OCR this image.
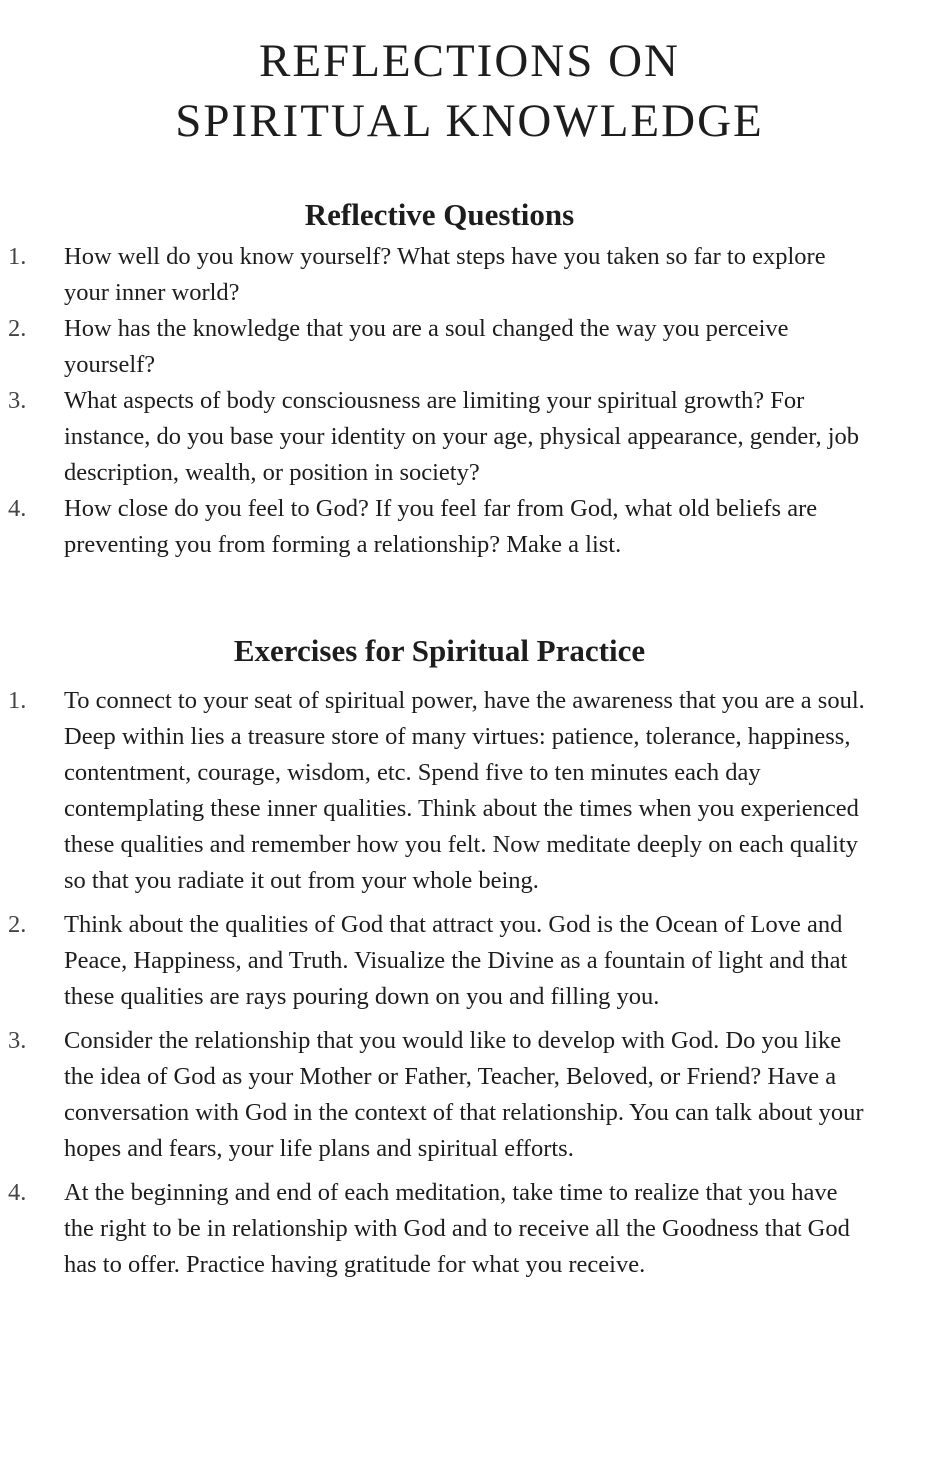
REFLECTIONS ON
SPIRITUAL KNOWLEDGE
Reflective Questions
1. How well do you know yourself? What steps have you taken so far to explore your inner world?
2. How has the knowledge that you are a soul changed the way you perceive yourself?
3. What aspects of body consciousness are limiting your spiritual growth? For instance, do you base your identity on your age, physical appearance, gender, job description, wealth, or position in society?
4. How close do you feel to God? If you feel far from God, what old beliefs are preventing you from forming a relationship? Make a list.
Exercises for Spiritual Practice
1. To connect to your seat of spiritual power, have the awareness that you are a soul. Deep within lies a treasure store of many virtues: patience, tolerance, happiness, contentment, courage, wisdom, etc. Spend five to ten minutes each day contemplating these inner qualities. Think about the times when you experienced these qualities and remember how you felt. Now meditate deeply on each quality so that you radiate it out from your whole being.
2. Think about the qualities of God that attract you. God is the Ocean of Love and Peace, Happiness, and Truth. Visualize the Divine as a fountain of light and that these qualities are rays pouring down on you and filling you.
3. Consider the relationship that you would like to develop with God. Do you like the idea of God as your Mother or Father, Teacher, Beloved, or Friend? Have a conversation with God in the context of that relationship. You can talk about your hopes and fears, your life plans and spiritual efforts.
4. At the beginning and end of each meditation, take time to realize that you have the right to be in relationship with God and to receive all the Goodness that God has to offer. Practice having gratitude for what you receive.
